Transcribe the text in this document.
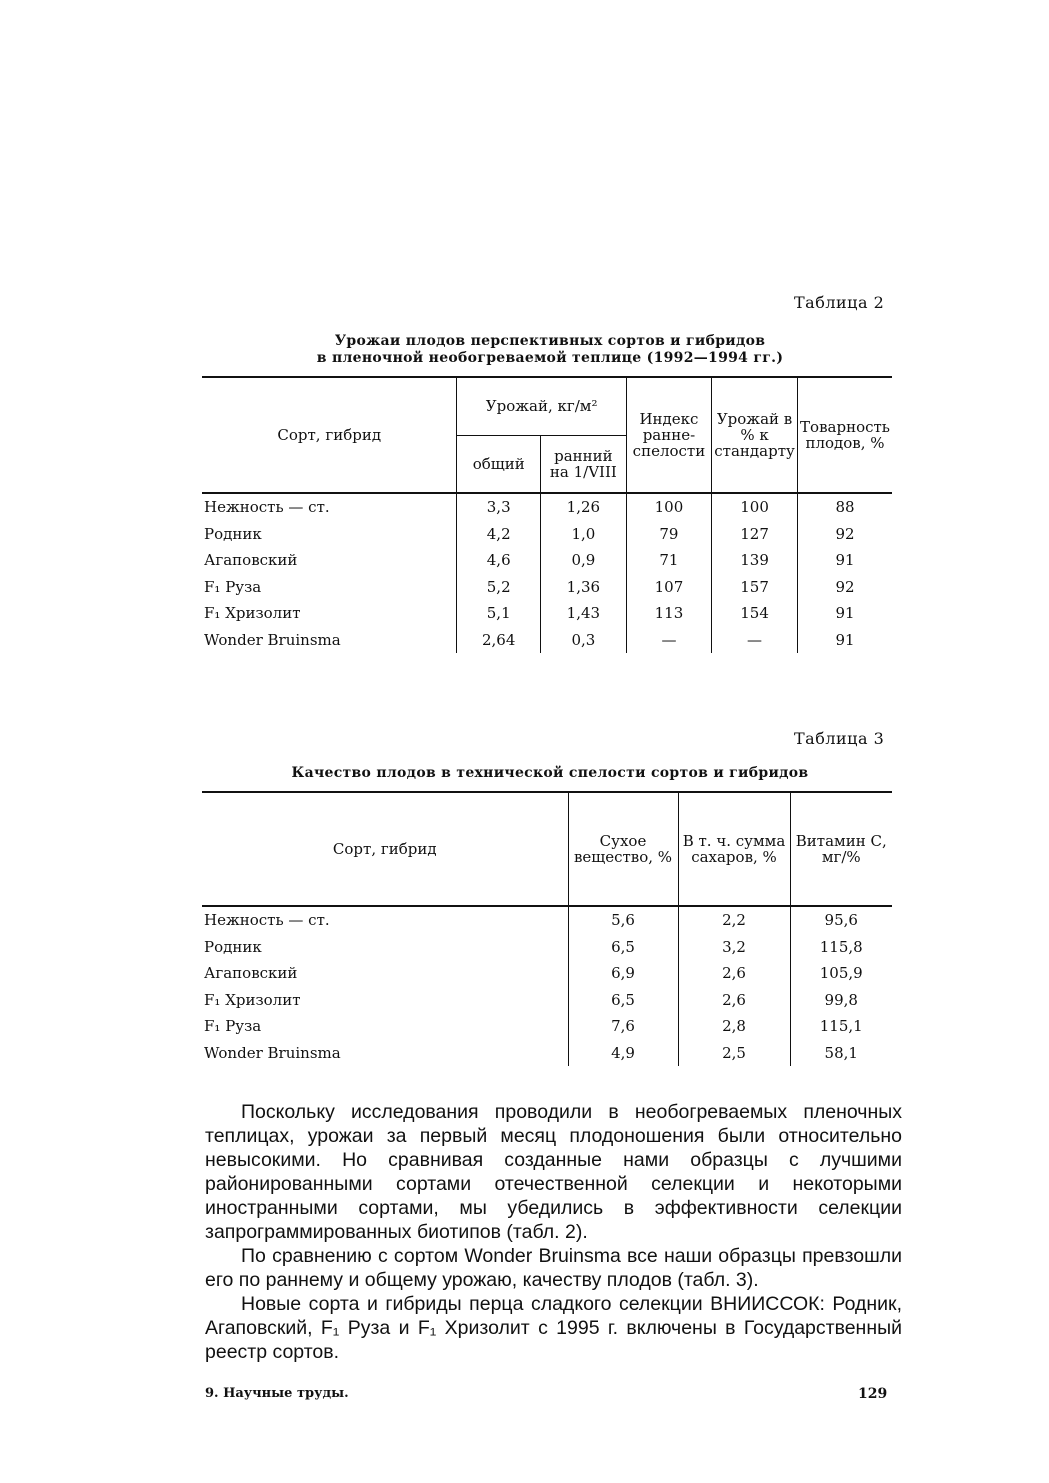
Таблица 2
Урожаи плодов перспективных сортов и гибридов
в пленочной необогреваемой теплице (1992—1994 гг.)
Сорт, гибрид	Урожай, кг/м²		Индекс ранне-спелости	Урожай в % к стандарту	Товарность плодов, %
	общий	ранний на 1/VIII			
Нежность — ст.	3,3	1,26	100	100	88
Родник	4,2	1,0	79	127	92
Агаповский	4,6	0,9	71	139	91
F₁ Руза	5,2	1,36	107	157	92
F₁ Хризолит	5,1	1,43	113	154	91
Wonder Bruinsma	2,64	0,3	—	—	91
Таблица 3
Качество плодов в технической спелости сортов и гибридов
Сорт, гибрид	Сухое вещество, %	В т. ч. сумма сахаров, %	Витамин С, мг/%
Нежность — ст.	5,6	2,2	95,6
Родник	6,5	3,2	115,8
Агаповский	6,9	2,6	105,9
F₁ Хризолит	6,5	2,6	99,8
F₁ Руза	7,6	2,8	115,1
Wonder Bruinsma	4,9	2,5	58,1

Поскольку исследования проводили в необогреваемых пленочных теплицах, урожаи за первый месяц плодоношения были относительно невысокими. Но сравнивая созданные нами образцы с лучшими районированными сортами отечественной селекции и некоторыми иностранными сортами, мы убедились в эффективности селекции запрограммированных биотипов (табл. 2).

По сравнению с сортом Wonder Bruinsma все наши образцы превзошли его по раннему и общему урожаю, качеству плодов (табл. 3).

Новые сорта и гибриды перца сладкого селекции ВНИИССОК: Родник, Агаповский, F₁ Руза и F₁ Хризолит с 1995 г. включены в Государственный реестр сортов.

9. Научные труды.	129
